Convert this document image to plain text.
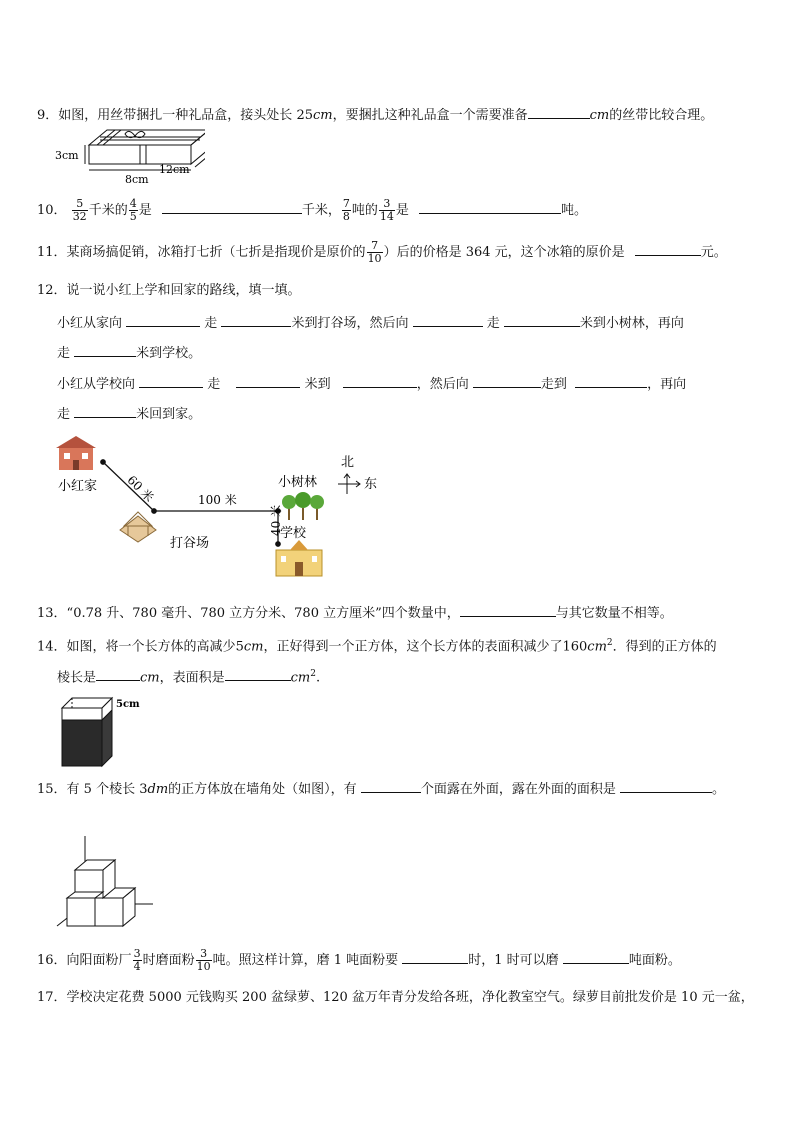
9．如图，用丝带捆扎一种礼品盒，接头处长 25cm，要捆扎这种礼品盒一个需要准备	cm的丝带比较合理。
3cm
8cm
12cm
10． $\frac{5}{32}$ 千米的 $\frac{4}{5}$ 是	千米， $\frac{7}{8}$ 吨的 $\frac{3}{14}$ 是	吨。
11．某商场搞促销，冰箱打七折（七折是指现价是原价的 $\frac{7}{10}$ ）后的价格是 364 元，这个冰箱的原价是	元。
12．说一说小红上学和回家的路线，填一填。
小红从家向	走	米到打谷场，然后向	走	米到小树林，再向
走	米到学校。
小红从学校向	走	米到	，然后向	走到	，再向
走	米回到家。
小红家 60 米	100 米
40 米
打谷场
小树林
学校
北
东
13．“0.78 升、780 毫升、780 立方分米、780 立方厘米”四个数量中，	与其它数量不相等。
14．如图，将一个长方体的高减少5cm，正好得到一个正方体，这个长方体的表面积减少了$160cm^2$．得到的正方体的
棱长是	cm，表面积是	$cm^2$.
5cm
15．有 5 个棱长 3dm的正方体放在墙角处（如图），有	个面露在外面，露在外面的面积是	。
16．向阳面粉厂 $\frac{3}{4}$ 时磨面粉 $\frac{3}{10}$ 吨。照这样计算，磨 1 吨面粉要	时，1 时可以磨	吨面粉。
17．学校决定花费 5000 元钱购买 200 盆绿萝、120 盆万年青分发给各班，净化教室空气。绿萝目前批发价是 10 元一盆，
